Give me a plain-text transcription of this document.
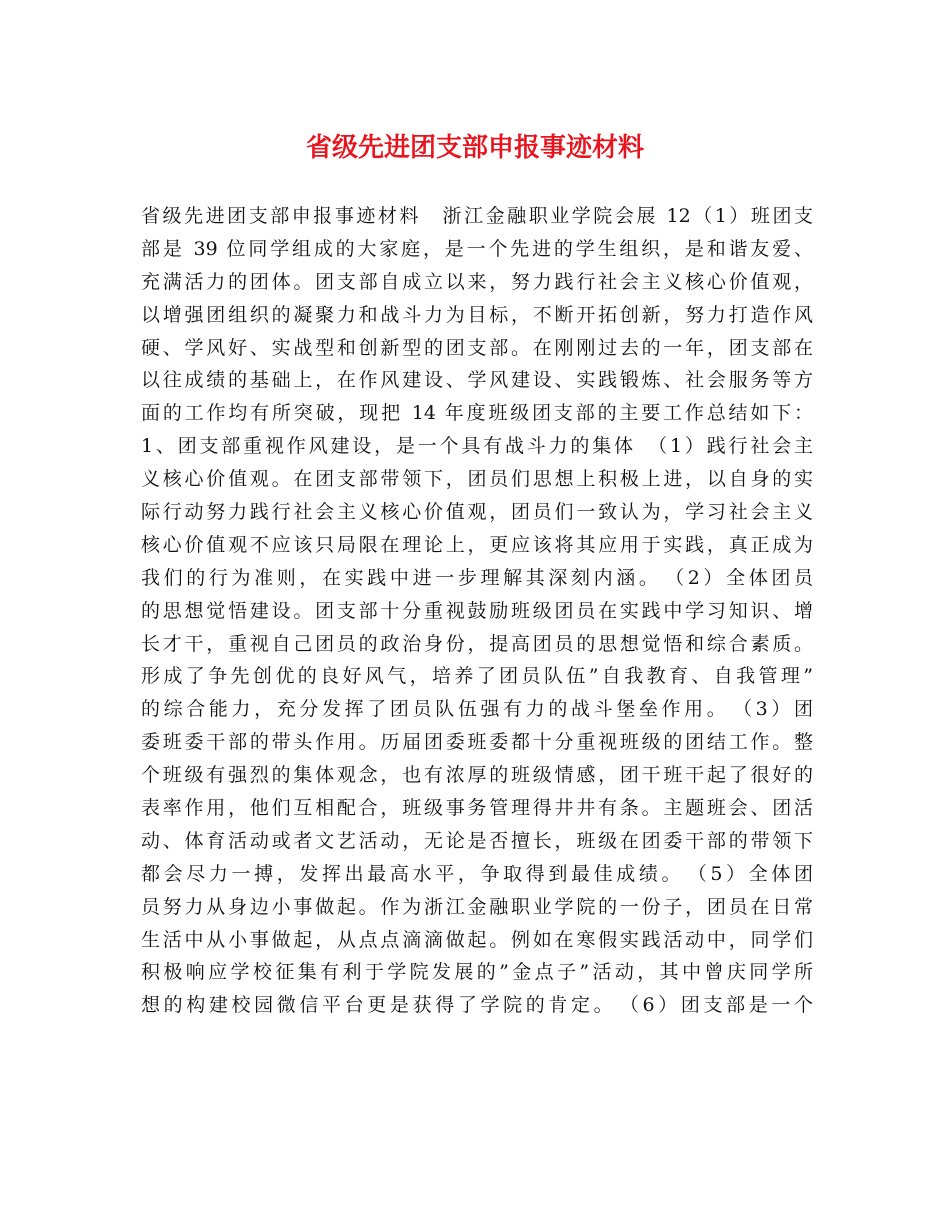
省级先进团支部申报事迹材料
省级先进团支部申报事迹材料　浙江金融职业学院会展 12（1）班团支
部是 39 位同学组成的大家庭，是一个先进的学生组织，是和谐友爱、
充满活力的团体。团支部自成立以来，努力践行社会主义核心价值观，
以增强团组织的凝聚力和战斗力为目标，不断开拓创新，努力打造作风
硬、学风好、实战型和创新型的团支部。在刚刚过去的一年，团支部在
以往成绩的基础上，在作风建设、学风建设、实践锻炼、社会服务等方
面的工作均有所突破，现把 14 年度班级团支部的主要工作总结如下：
1、团支部重视作风建设，是一个具有战斗力的集体　（1）践行社会主
义核心价值观。在团支部带领下，团员们思想上积极上进，以自身的实
际行动努力践行社会主义核心价值观，团员们一致认为，学习社会主义
核心价值观不应该只局限在理论上，更应该将其应用于实践，真正成为
我们的行为准则，在实践中进一步理解其深刻内涵。　（2）全体团员
的思想觉悟建设。团支部十分重视鼓励班级团员在实践中学习知识、增
长才干，重视自己团员的政治身份，提高团员的思想觉悟和综合素质。
形成了争先创优的良好风气，培养了团员队伍”自我教育、自我管理”
的综合能力，充分发挥了团员队伍强有力的战斗堡垒作用。　（3）团
委班委干部的带头作用。历届团委班委都十分重视班级的团结工作。整
个班级有强烈的集体观念，也有浓厚的班级情感，团干班干起了很好的
表率作用，他们互相配合，班级事务管理得井井有条。主题班会、团活
动、体育活动或者文艺活动，无论是否擅长，班级在团委干部的带领下
都会尽力一搏，发挥出最高水平，争取得到最佳成绩。　（5）全体团
员努力从身边小事做起。作为浙江金融职业学院的一份子，团员在日常
生活中从小事做起，从点点滴滴做起。例如在寒假实践活动中，同学们
积极响应学校征集有利于学院发展的”金点子”活动，其中曾庆同学所
想的构建校园微信平台更是获得了学院的肯定。　（6）团支部是一个
